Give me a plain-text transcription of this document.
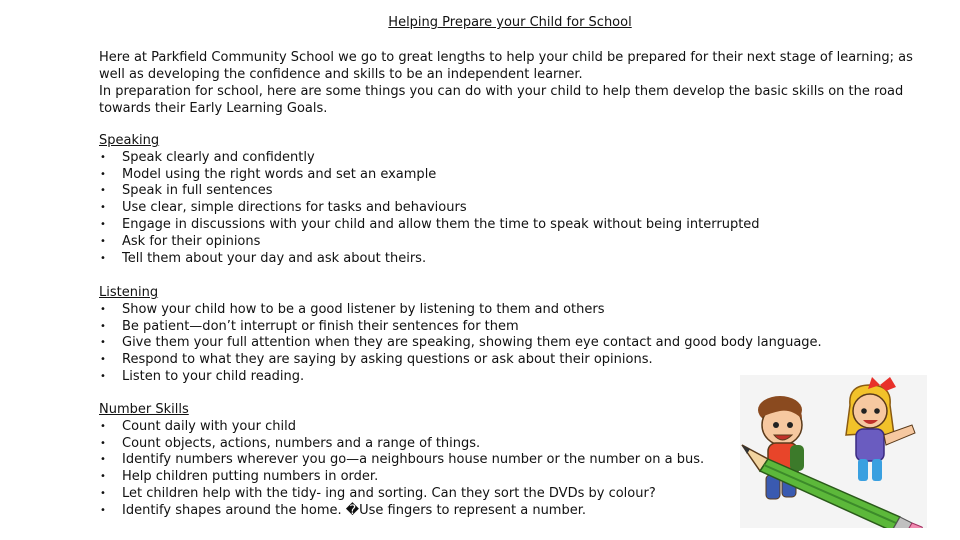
Helping Prepare your Child for School

Here at Parkfield Community School we go to great lengths to help your child be prepared for their next stage of learning; as well as developing the confidence and skills to be an independent learner.

In preparation for school, here are some things you can do with your child to help them develop the basic skills on the road towards their Early Learning Goals.

Speaking
• Speak clearly and confidently
• Model using the right words and set an example
• Speak in full sentences
• Use clear, simple directions for tasks and behaviours
• Engage in discussions with your child and allow them the time to speak without being interrupted
• Ask for their opinions
• Tell them about your day and ask about theirs.
Listening
• Show your child how to be a good listener by listening to them and others
• Be patient—don’t interrupt or finish their sentences for them
• Give them your full attention when they are speaking, showing them eye contact and good body language.
• Respond to what they are saying by asking questions or ask about their opinions.
• Listen to your child reading.
Number Skills
• Count daily with your child
• Count objects, actions, numbers and a range of things.
• Identify numbers wherever you go—a neighbours house number or the number on a bus.
• Help children putting numbers in order.
• Let children help with the tidy- ing and sorting. Can they sort the DVDs by colour?
• Identify shapes around the home. �Use fingers to represent a number.
